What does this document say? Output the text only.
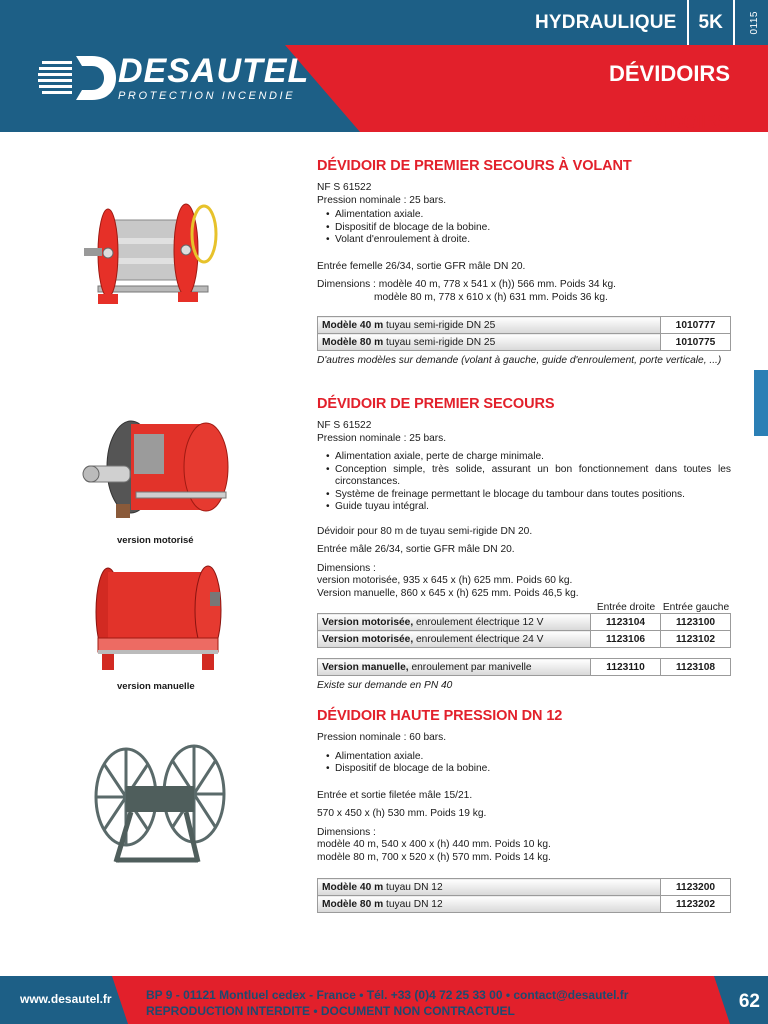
HYDRAULIQUE 5K	0115
DÉVIDOIRS
DÉVIDOIRS
DESAUTEL
PROTECTION INCENDIE
DÉVIDOIR DE PREMIER SECOURS À VOLANT
NF S 61522
Pression nominale : 25 bars.
• Alimentation axiale.
• Dispositif de blocage de la bobine.
• Volant d'enroulement à droite.
Entrée femelle 26/34, sortie GFR mâle DN 20.
Dimensions : modèle 40 m, 778 x 541 x (h)) 566 mm. Poids 34 kg.
modèle 80 m, 778 x 610 x (h) 631 mm. Poids 36 kg.
Modèle 40 m tuyau semi-rigide DN 25	1010777
Modèle 80 m tuyau semi-rigide DN 25	1010775
D'autres modèles sur demande (volant à gauche, guide d'enroulement, porte verticale, ...)
version motorisé
version manuelle
DÉVIDOIR DE PREMIER SECOURS
NF S 61522
Pression nominale : 25 bars.
• Alimentation axiale, perte de charge minimale.
• Conception simple, très solide, assurant un bon fonctionnement dans toutes les circonstances.
• Système de freinage permettant le blocage du tambour dans toutes positions.
• Guide tuyau intégral.
Dévidoir pour 80 m de tuyau semi-rigide DN 20.
Entrée mâle 26/34, sortie GFR mâle DN 20.
Dimensions :
version motorisée, 935 x 645 x (h) 625 mm. Poids 60 kg.
Version manuelle, 860 x 645 x (h) 625 mm. Poids 46,5 kg.
Entrée droite Entrée gauche
Version motorisée, enroulement électrique 12 V	1123104	1123100
Version motorisée, enroulement électrique 24 V	1123106	1123102
Version manuelle, enroulement par manivelle	1123110	1123108
Existe sur demande en PN 40
DÉVIDOIR HAUTE PRESSION DN 12
Pression nominale : 60 bars.
• Alimentation axiale.
• Dispositif de blocage de la bobine.
Entrée et sortie filetée mâle 15/21.
570 x 450 x (h) 530 mm. Poids 19 kg.
Dimensions :
modèle 40 m, 540 x 400 x (h) 440 mm. Poids 10 kg.
modèle 80 m, 700 x 520 x (h) 570 mm. Poids 14 kg.
Modèle 40 m tuyau DN 12	1123200
Modèle 80 m tuyau DN 12	1123202
www.desautel.fr	BP 9 - 01121 Montluel cedex - France • Tél. +33 (0)4 72 25 33 00 • contact@desautel.fr
REPRODUCTION INTERDITE • DOCUMENT NON CONTRACTUEL	62
